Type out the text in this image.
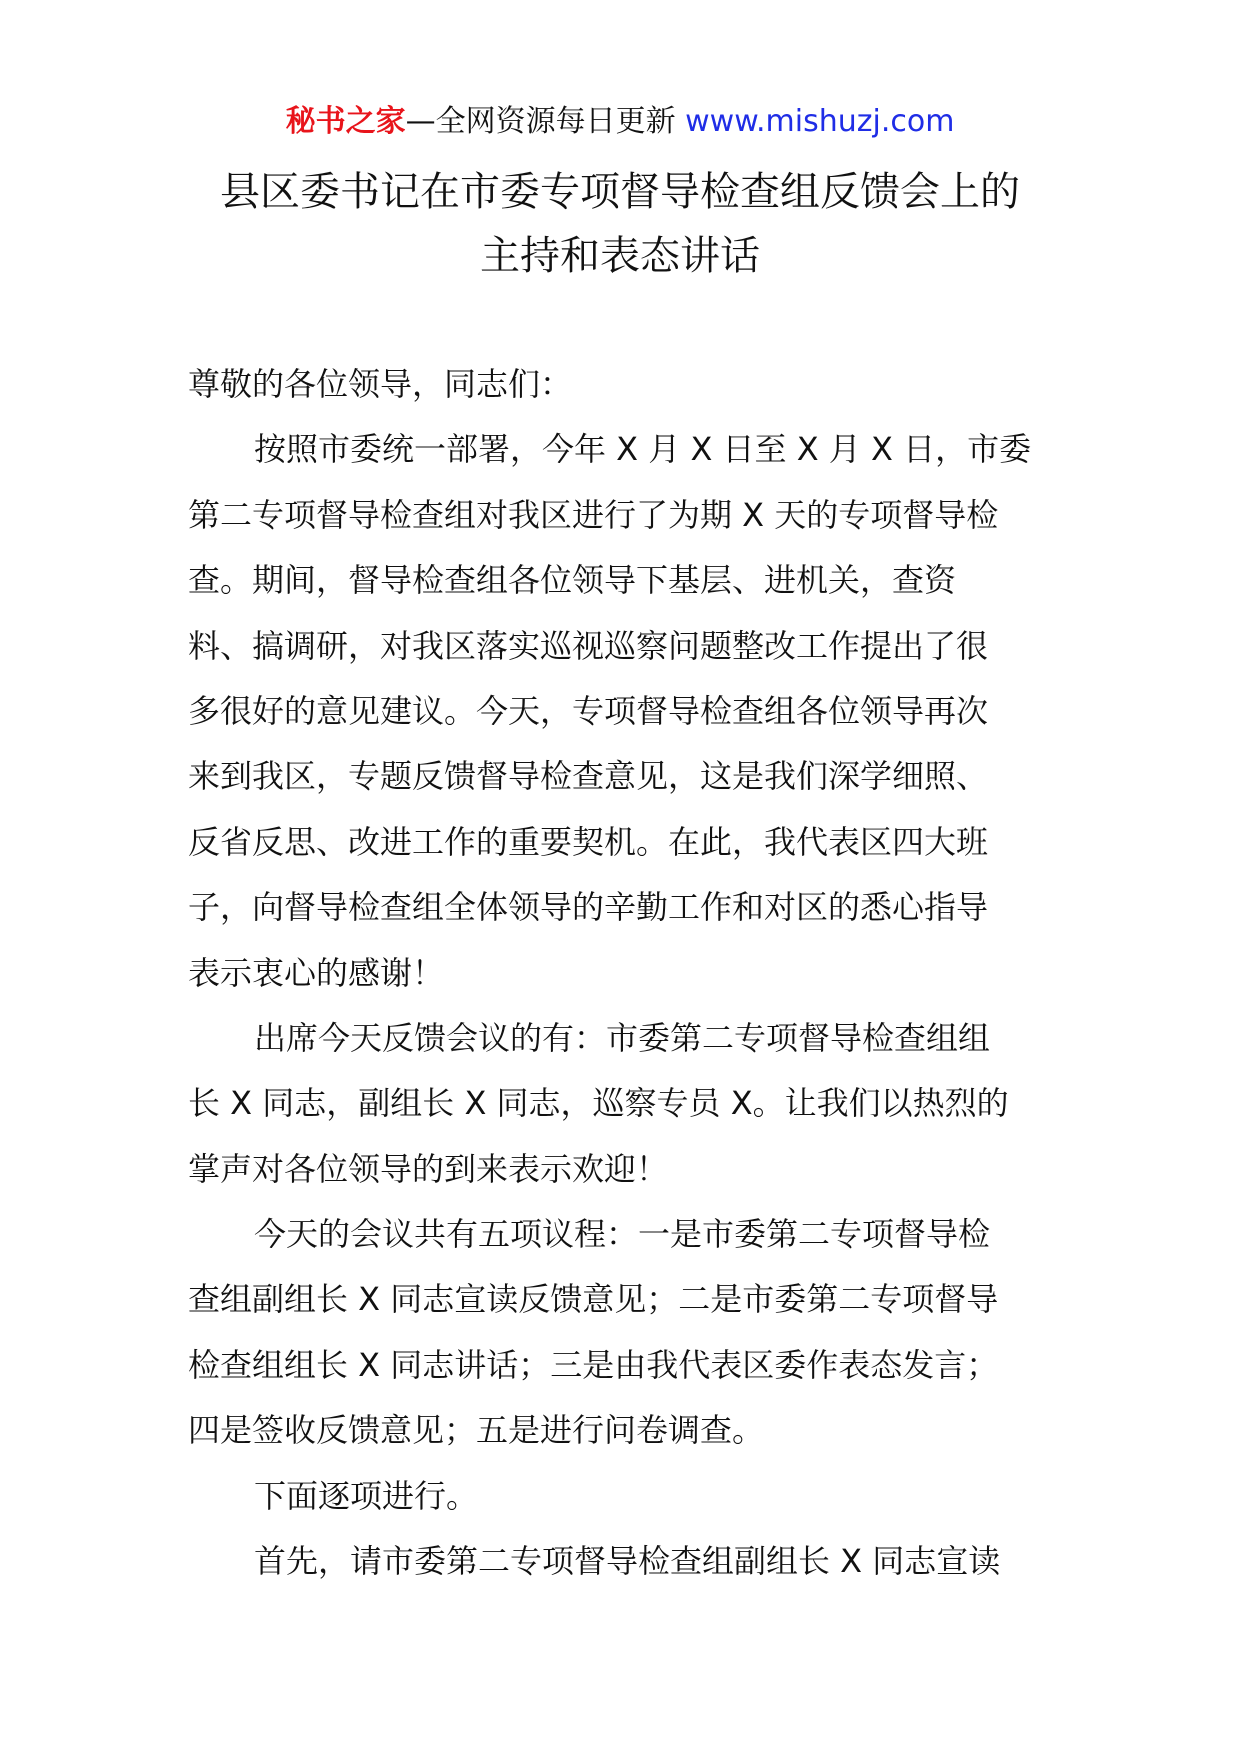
秘书之家—全网资源每日更新 www.mishuzj.com
县区委书记在市委专项督导检查组反馈会上的
主持和表态讲话
尊敬的各位领导，同志们：
按照市委统一部署，今年 X 月 X 日至 X 月 X 日，市委
第二专项督导检查组对我区进行了为期 X 天的专项督导检
查。期间，督导检查组各位领导下基层、进机关，查资
料、搞调研，对我区落实巡视巡察问题整改工作提出了很
多很好的意见建议。今天，专项督导检查组各位领导再次
来到我区，专题反馈督导检查意见，这是我们深学细照、
反省反思、改进工作的重要契机。在此，我代表区四大班
子，向督导检查组全体领导的辛勤工作和对区的悉心指导
表示衷心的感谢！
出席今天反馈会议的有：市委第二专项督导检查组组
长 X 同志，副组长 X 同志，巡察专员 X。让我们以热烈的
掌声对各位领导的到来表示欢迎！
今天的会议共有五项议程：一是市委第二专项督导检
查组副组长 X 同志宣读反馈意见；二是市委第二专项督导
检查组组长 X 同志讲话；三是由我代表区委作表态发言；
四是签收反馈意见；五是进行问卷调查。
下面逐项进行。
首先，请市委第二专项督导检查组副组长 X 同志宣读
